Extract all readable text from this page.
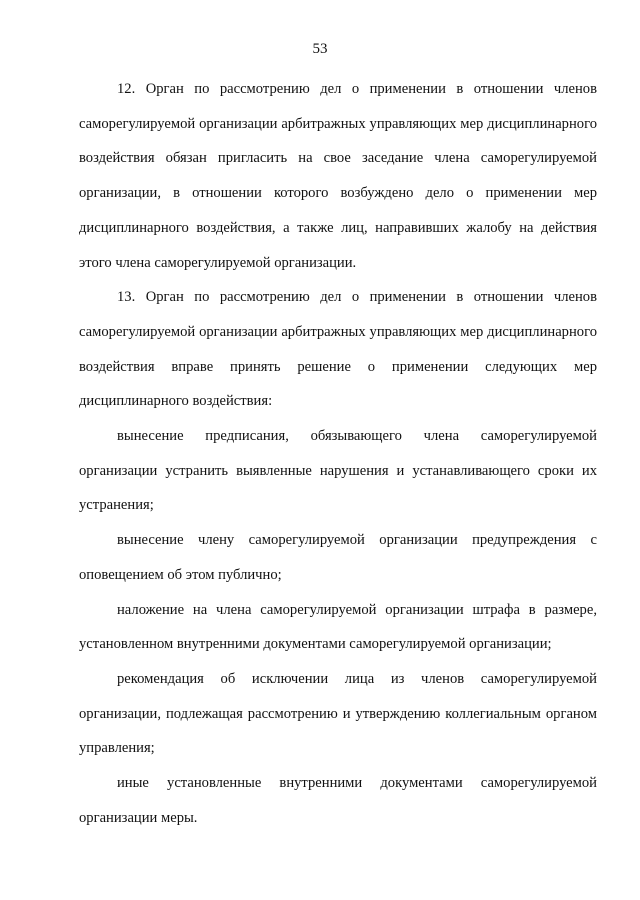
53

12. Орган по рассмотрению дел о применении в отношении членов саморегулируемой организации арбитражных управляющих мер дисциплинарного воздействия обязан пригласить на свое заседание члена саморегулируемой организации, в отношении которого возбуждено дело о применении мер дисциплинарного воздействия, а также лиц, направивших жалобу на действия этого члена саморегулируемой организации.

13. Орган по рассмотрению дел о применении в отношении членов саморегулируемой организации арбитражных управляющих мер дисциплинарного воздействия вправе принять решение о применении следующих мер дисциплинарного воздействия:

вынесение предписания, обязывающего члена саморегулируемой организации устранить выявленные нарушения и устанавливающего сроки их устранения;

вынесение члену саморегулируемой организации предупреждения с оповещением об этом публично;

наложение на члена саморегулируемой организации штрафа в размере, установленном внутренними документами саморегулируемой организации;

рекомендация об исключении лица из членов саморегулируемой организации, подлежащая рассмотрению и утверждению коллегиальным органом управления;

иные установленные внутренними документами саморегулируемой организации меры.
